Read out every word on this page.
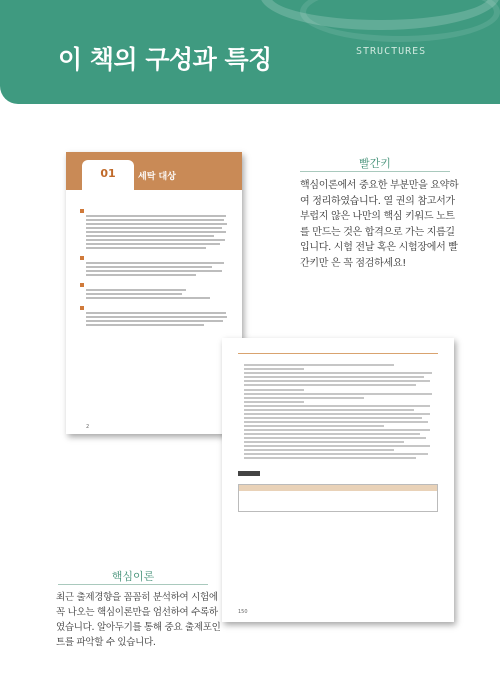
이 책의 구성과 특징	STRUCTURES
01	세탁 대상
2
150
빨간키
핵심이론에서 중요한 부분만을 요약하여 정리하였습니다. 열 권의 참고서가 부럽지 않은 나만의 핵심 키워드 노트를 만드는 것은 합격으로 가는 지름길입니다. 시험 전날 혹은 시험장에서 빨간키만 은 꼭 점검하세요!
핵심이론
최근 출제경향을 꼼꼼히 분석하여 시험에 꼭 나오는 핵심이론만을 엄선하여 수록하였습니다. 알아두기를 통해 중요 출제포인트를 파악할 수 있습니다.
